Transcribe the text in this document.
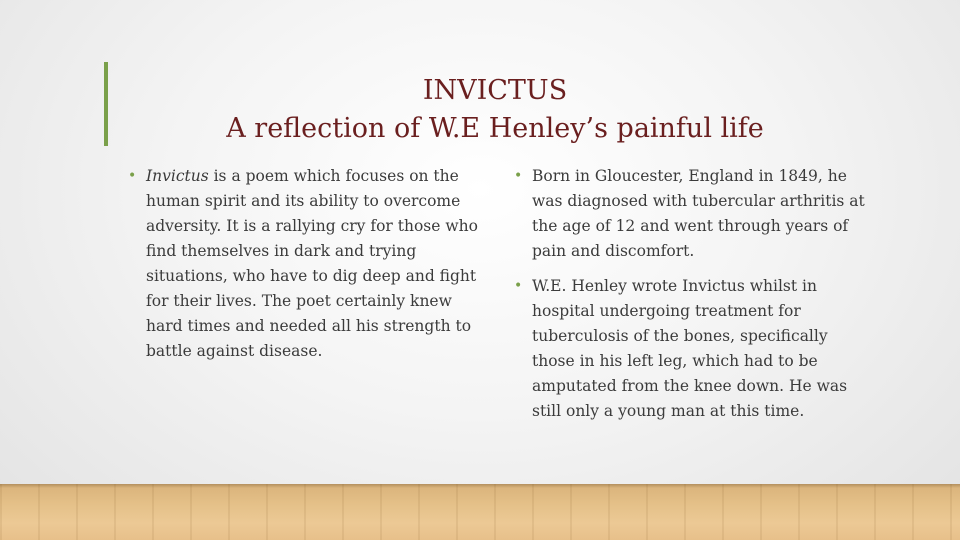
INVICTUS
A reflection of W.E Henley’s painful life
• Invictus is a poem which focuses on the human spirit and its ability to overcome adversity. It is a rallying cry for those who find themselves in dark and trying situations, who have to dig deep and fight for their lives. The poet certainly knew hard times and needed all his strength to battle against disease.
• Born in Gloucester, England in 1849, he was diagnosed with tubercular arthritis at the age of 12 and went through years of pain and discomfort.
• W.E. Henley wrote Invictus whilst in hospital undergoing treatment for tuberculosis of the bones, specifically those in his left leg, which had to be amputated from the knee down. He was still only a young man at this time.
